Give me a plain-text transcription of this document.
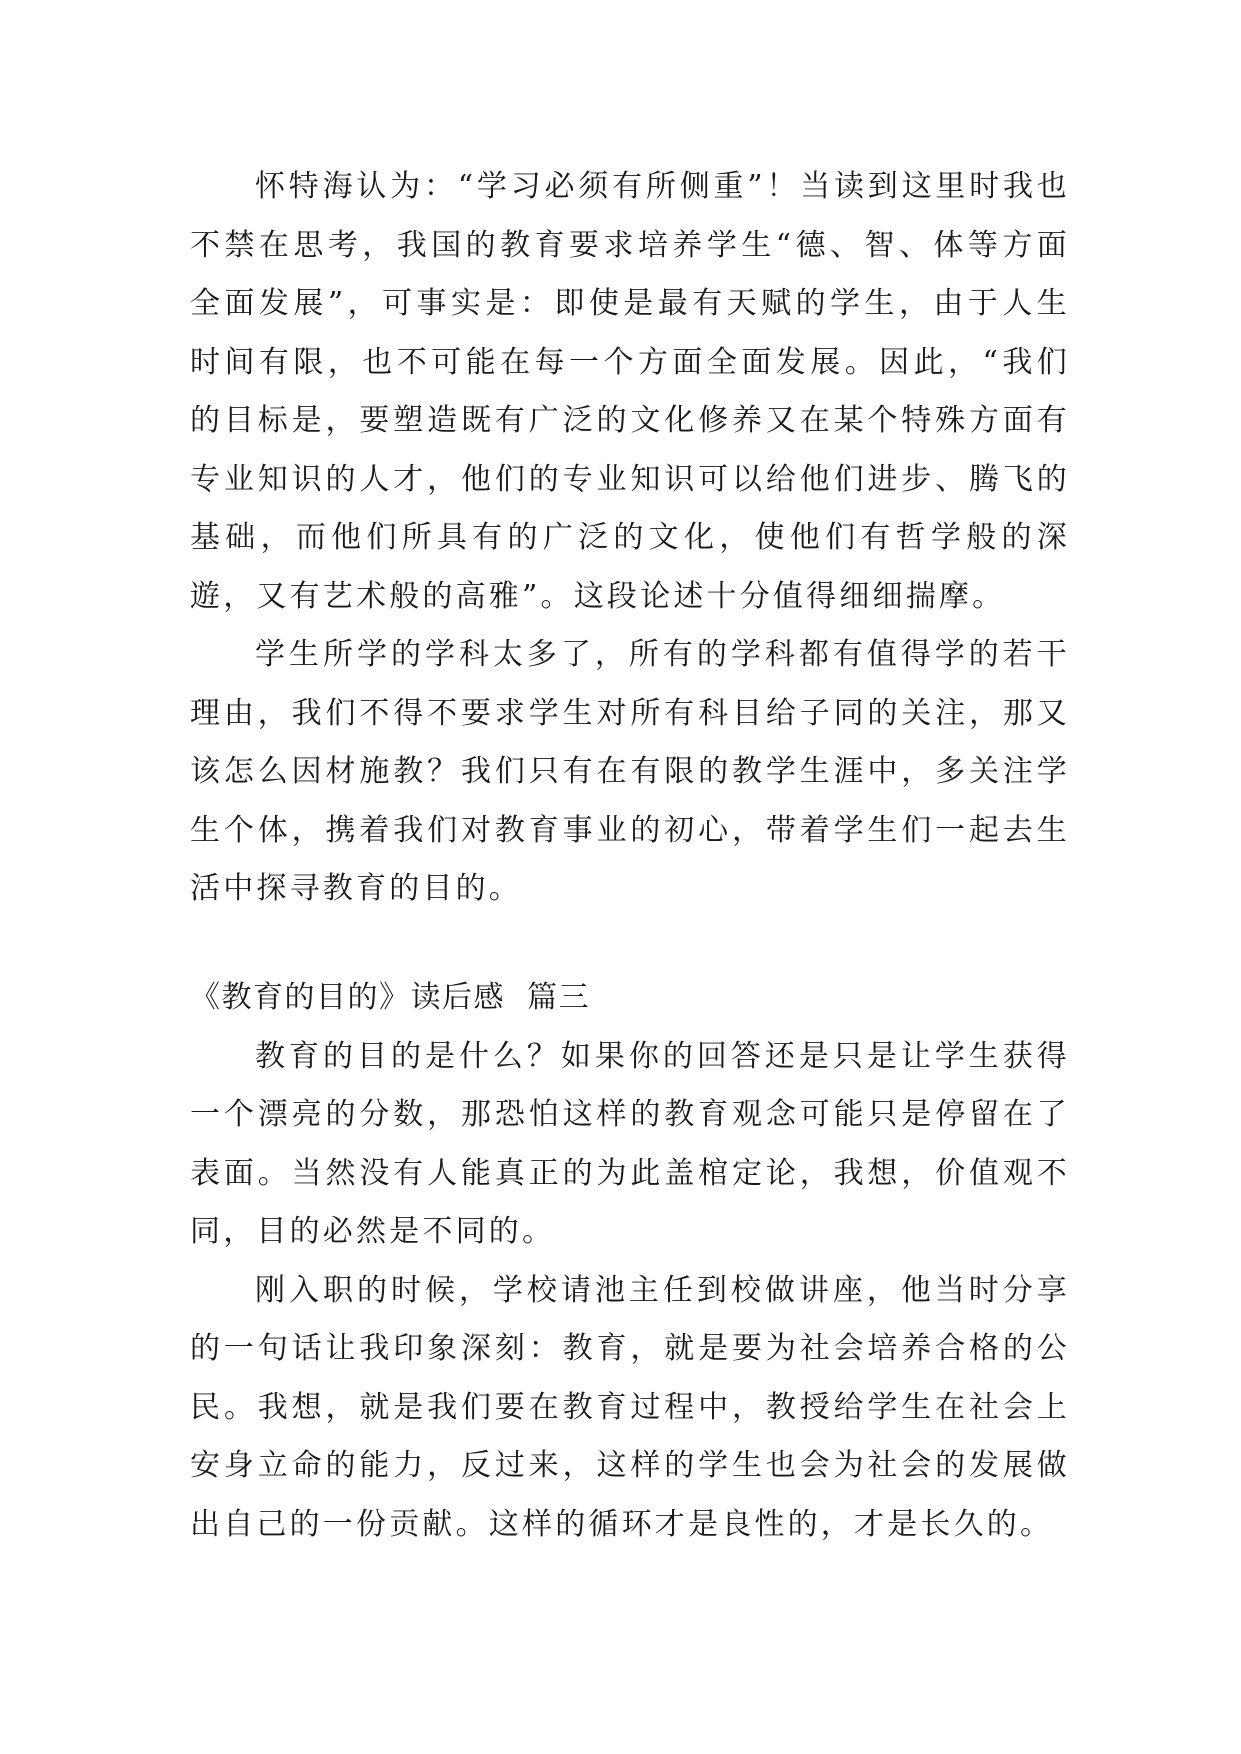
怀特海认为：“学习必须有所侧重”！当读到这里时我也不禁在思考，我国的教育要求培养学生“德、智、体等方面全面发展”，可事实是：即使是最有天赋的学生，由于人生时间有限，也不可能在每一个方面全面发展。因此，“我们的目标是，要塑造既有广泛的文化修养又在某个特殊方面有专业知识的人才，他们的专业知识可以给他们进步、腾飞的基础，而他们所具有的广泛的文化，使他们有哲学般的深遊，又有艺术般的高雅”。这段论述十分值得细细揣摩。

学生所学的学科太多了，所有的学科都有值得学的若干理由，我们不得不要求学生对所有科目给子同的关注，那又该怎么因材施教？我们只有在有限的教学生涯中，多关注学生个体，携着我们对教育事业的初心，带着学生们一起去生活中探寻教育的目的。

《教育的目的》读后感  篇三

教育的目的是什么？如果你的回答还是只是让学生获得一个漂亮的分数，那恐怕这样的教育观念可能只是停留在了表面。当然没有人能真正的为此盖棺定论，我想，价值观不同，目的必然是不同的。

刚入职的时候，学校请池主任到校做讲座，他当时分享的一句话让我印象深刻：教育，就是要为社会培养合格的公民。我想，就是我们要在教育过程中，教授给学生在社会上安身立命的能力，反过来，这样的学生也会为社会的发展做出自己的一份贡献。这样的循环才是良性的，才是长久的。
